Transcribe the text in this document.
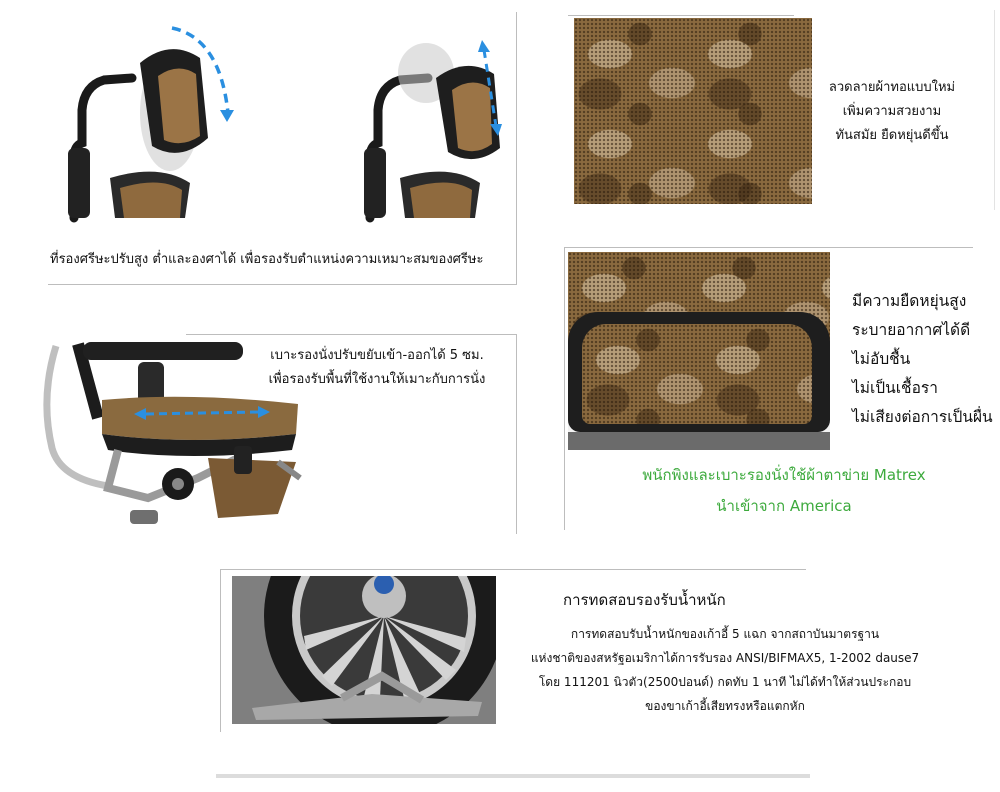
ที่รองศรีษะปรับสูง ต่ำและองศาได้ เพื่อรองรับตำแหน่งความเหมาะสมของศรีษะ
ลวดลายผ้าทอแบบใหม่
เพิ่มความสวยงาม
ทันสมัย ยืดหยุ่นดีขึ้น
เบาะรองนั่งปรับขยับเข้า-ออกได้ 5 ซม.
เพื่อรองรับพื้นที่ใช้งานให้เมาะกับการนั่ง
มีความยืดหยุ่นสูง
ระบายอากาศได้ดี
ไม่อับชื้น
ไม่เป็นเชื้อรา
ไม่เสียงต่อการเป็นผื่น
พนักพิงและเบาะรองนั่งใช้ผ้าตาข่าย Matrex
นำเข้าจาก America
การทดสอบรองรับน้ำหนัก
การทดสอบรับน้ำหนักของเก้าอี้ 5 แฉก จากสถาบันมาตรฐาน
แห่งชาติของสหรัฐอเมริกาได้การรับรอง ANSI/BIFMAX5, 1-2002 dause7
โดย 111201 นิวตัว(2500ปอนด์) กดทับ 1 นาที ไม่ได้ทำให้ส่วนประกอบ
ของขาเก้าอี้เสียทรงหรือแตกหัก
